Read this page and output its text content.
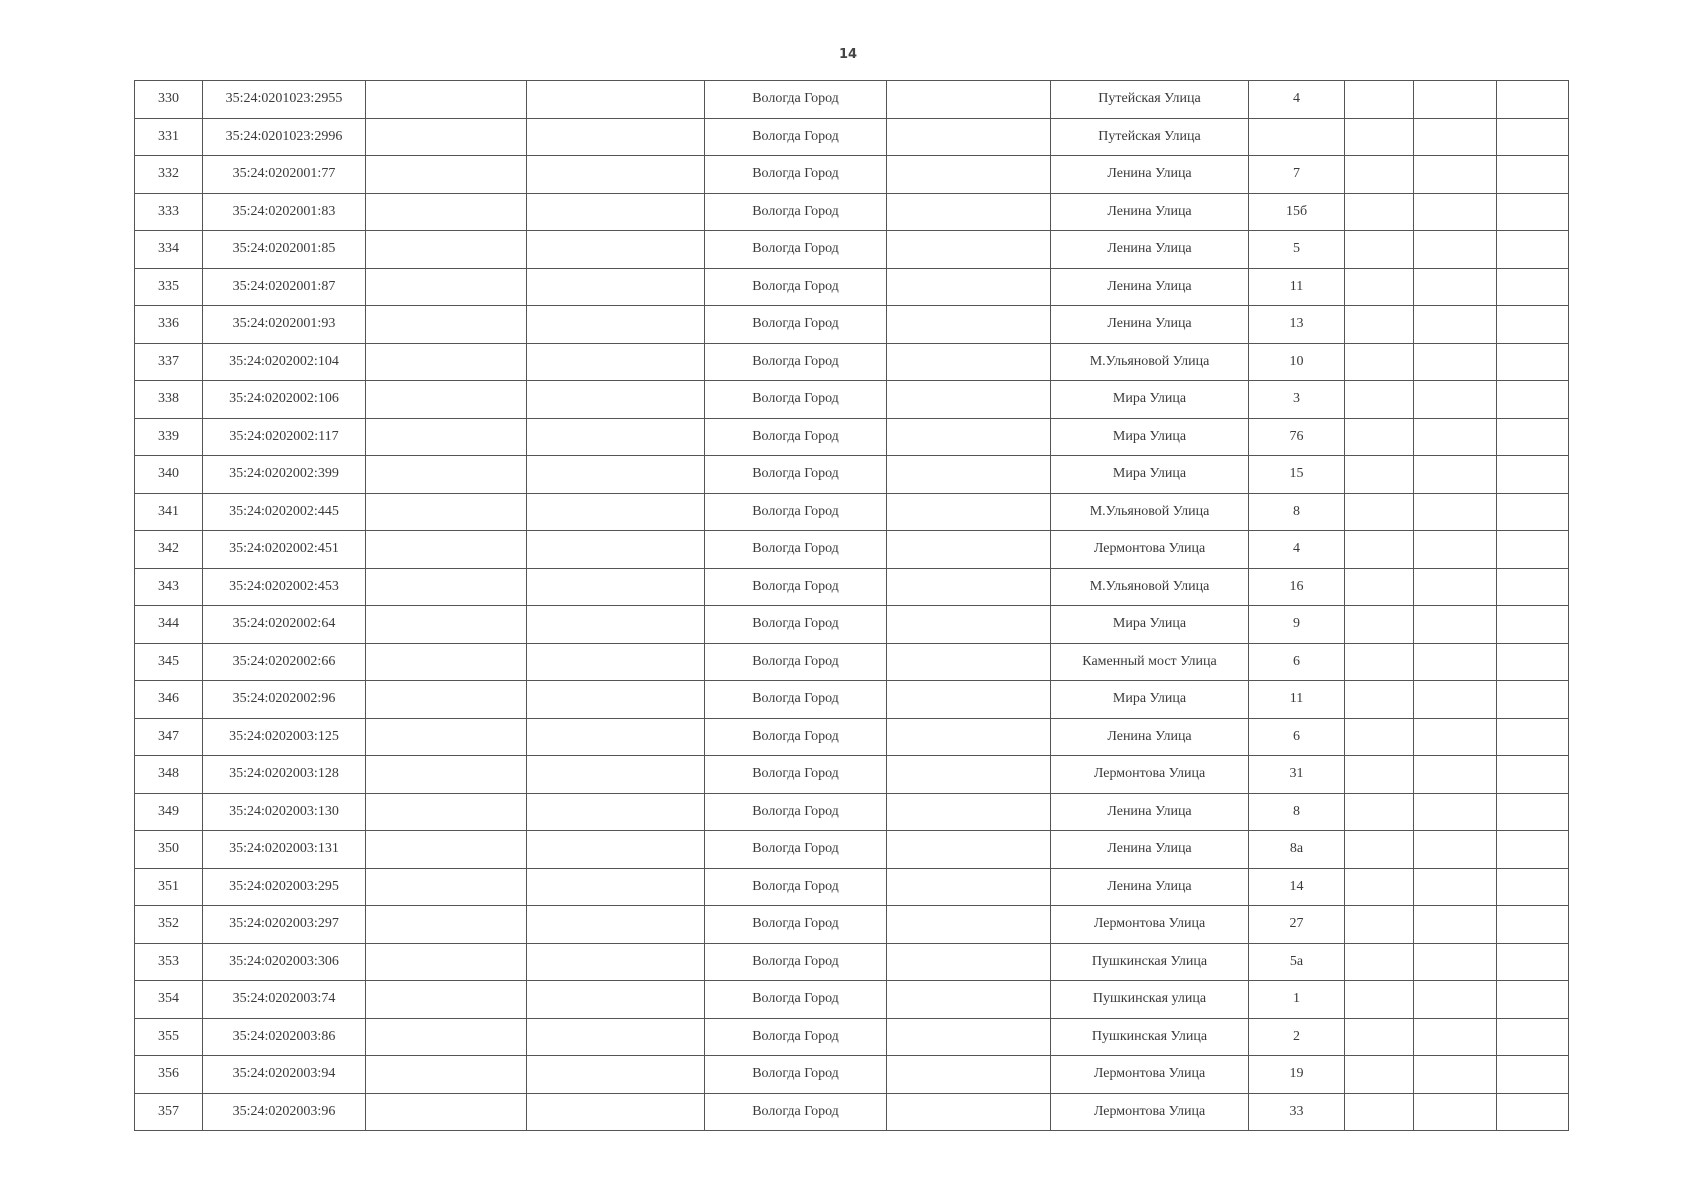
14
330	35:24:0201023:2955			Вологда Город		Путейская Улица	4			
331	35:24:0201023:2996			Вологда Город		Путейская Улица				
332	35:24:0202001:77			Вологда Город		Ленина Улица	7			
333	35:24:0202001:83			Вологда Город		Ленина Улица	15б			
334	35:24:0202001:85			Вологда Город		Ленина Улица	5			
335	35:24:0202001:87			Вологда Город		Ленина Улица	11			
336	35:24:0202001:93			Вологда Город		Ленина Улица	13			
337	35:24:0202002:104			Вологда Город		М.Ульяновой Улица	10			
338	35:24:0202002:106			Вологда Город		Мира Улица	3			
339	35:24:0202002:117			Вологда Город		Мира Улица	76			
340	35:24:0202002:399			Вологда Город		Мира Улица	15			
341	35:24:0202002:445			Вологда Город		М.Ульяновой Улица	8			
342	35:24:0202002:451			Вологда Город		Лермонтова Улица	4			
343	35:24:0202002:453			Вологда Город		М.Ульяновой Улица	16			
344	35:24:0202002:64			Вологда Город		Мира Улица	9			
345	35:24:0202002:66			Вологда Город		Каменный мост Улица	6			
346	35:24:0202002:96			Вологда Город		Мира Улица	11			
347	35:24:0202003:125			Вологда Город		Ленина Улица	6			
348	35:24:0202003:128			Вологда Город		Лермонтова Улица	31			
349	35:24:0202003:130			Вологда Город		Ленина Улица	8			
350	35:24:0202003:131			Вологда Город		Ленина Улица	8а			
351	35:24:0202003:295			Вологда Город		Ленина Улица	14			
352	35:24:0202003:297			Вологда Город		Лермонтова Улица	27			
353	35:24:0202003:306			Вологда Город		Пушкинская Улица	5а			
354	35:24:0202003:74			Вологда Город		Пушкинская улица	1			
355	35:24:0202003:86			Вологда Город		Пушкинская Улица	2			
356	35:24:0202003:94			Вологда Город		Лермонтова Улица	19			
357	35:24:0202003:96			Вологда Город		Лермонтова Улица	33			
